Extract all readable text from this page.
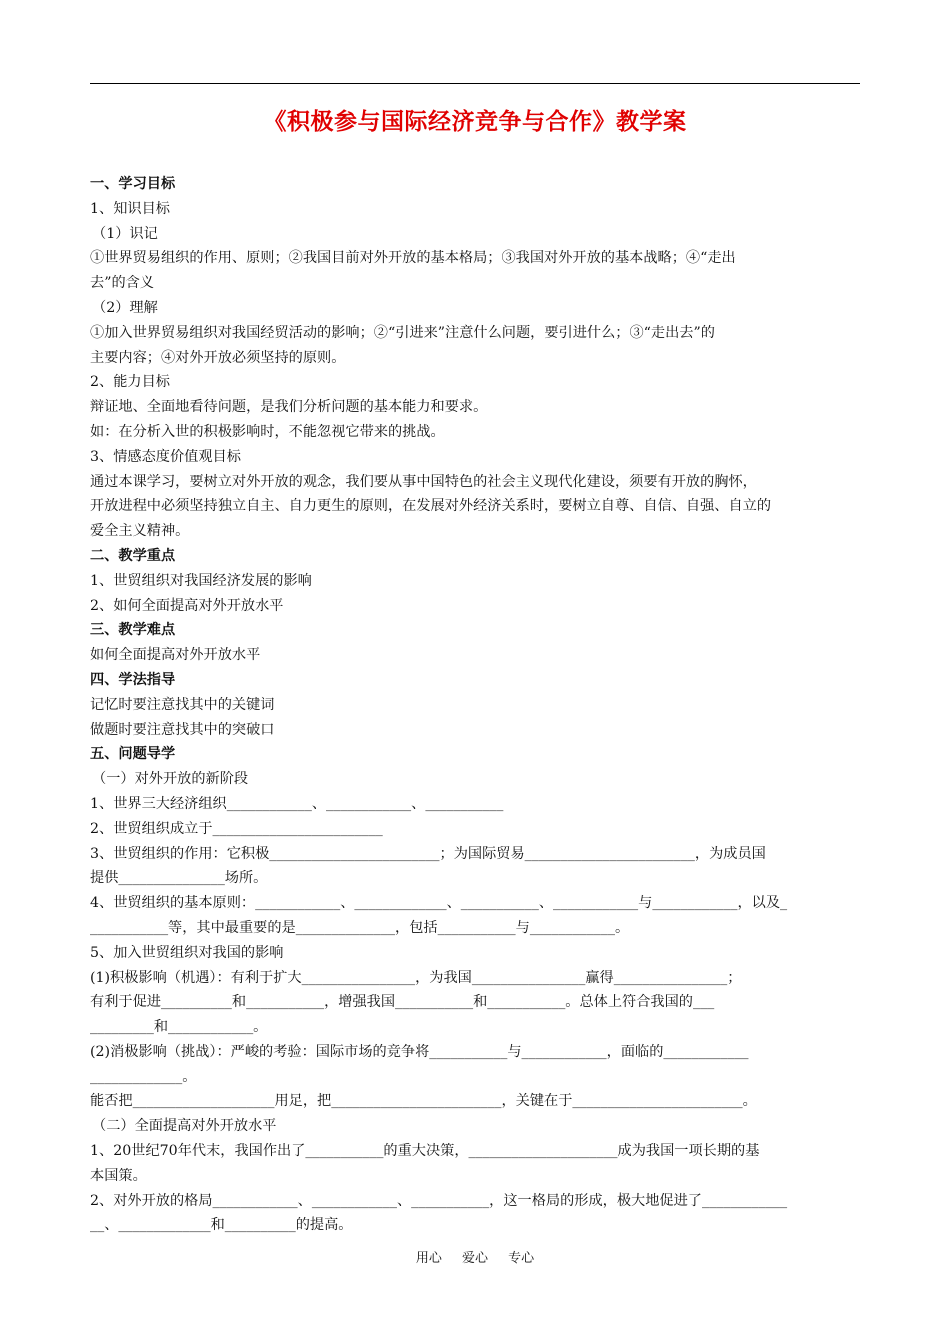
《积极参与国际经济竞争与合作》教学案

一、学习目标

1、知识目标

（1）识记

①世界贸易组织的作用、原则；②我国目前对外开放的基本格局；③我国对外开放的基本战略；④“走出

去”的含义

（2）理解

①加入世界贸易组织对我国经贸活动的影响；②“引进来”注意什么问题，要引进什么；③“走出去”的

主要内容；④对外开放必须坚持的原则。

2、能力目标

辩证地、全面地看待问题，是我们分析问题的基本能力和要求。

如：在分析入世的积极影响时，不能忽视它带来的挑战。

3、情感态度价值观目标

通过本课学习，要树立对外开放的观念，我们要从事中国特色的社会主义现代化建设，须要有开放的胸怀，

开放进程中必须坚持独立自主、自力更生的原则，在发展对外经济关系时，要树立自尊、自信、自强、自立的

爱全主义精神。

二、教学重点

1、世贸组织对我国经济发展的影响

2、如何全面提高对外开放水平

三、教学难点

如何全面提高对外开放水平

四、学法指导

记忆时要注意找其中的关键词

做题时要注意找其中的突破口

五、问题导学

（一）对外开放的新阶段

1、世界三大经济组织____________、____________、___________

2、世贸组织成立于________________________

3、世贸组织的作用：它积极________________________；为国际贸易________________________，为成员国

提供_______________场所。

4、世贸组织的基本原则：____________、_____________、___________、____________与____________，以及_

___________等，其中最重要的是______________，包括___________与____________。

5、加入世贸组织对我国的影响

(1)积极影响（机遇）：有利于扩大________________，为我国________________赢得________________；

有利于促进__________和___________，增强我国___________和___________。总体上符合我国的___

_________和____________。

(2)消极影响（挑战）：严峻的考验：国际市场的竞争将___________与____________，面临的____________

_____________。

能否把____________________用足，把________________________，关键在于________________________。

（二）全面提高对外开放水平

1、20世纪70年代末，我国作出了___________的重大决策，_____________________成为我国一项长期的基

本国策。

2、对外开放的格局____________、____________、___________，这一格局的形成，极大地促进了____________

__、_____________和__________的提高。

用心 爱心 专心
